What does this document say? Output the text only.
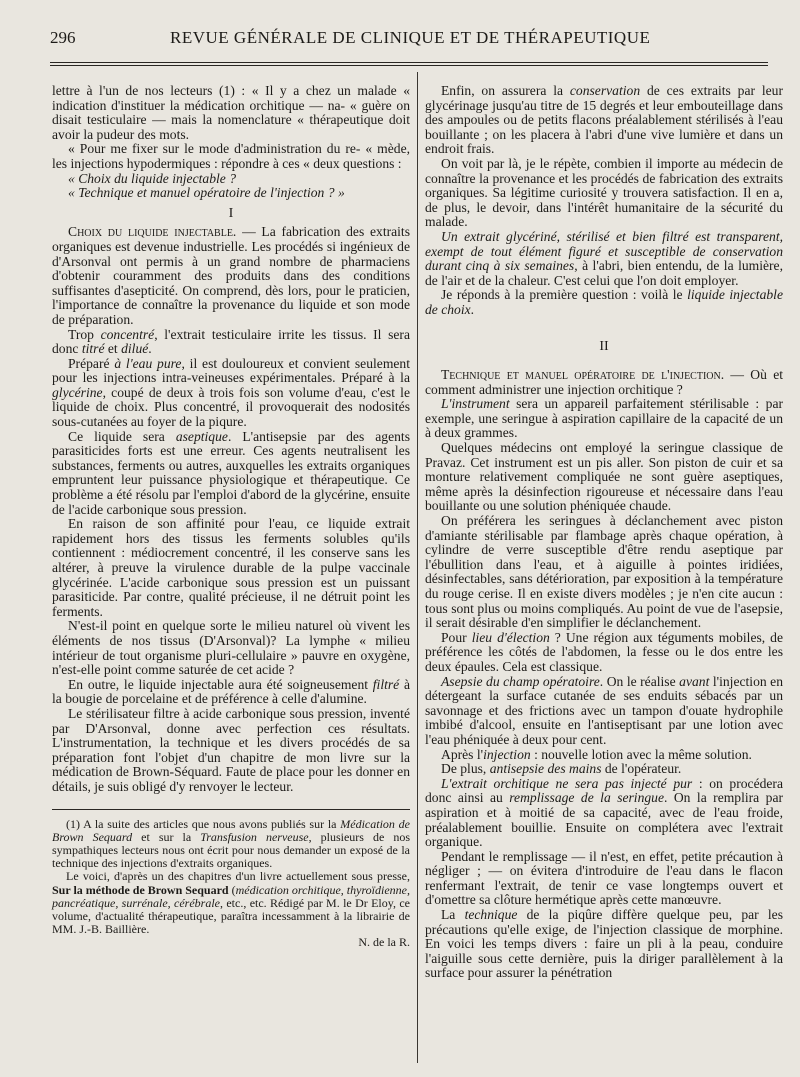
296	REVUE GÉNÉRALE DE CLINIQUE ET DE THÉRAPEUTIQUE

lettre à l'un de nos lecteurs (1) : « Il y a chez un malade « indication d'instituer la médication orchitique — na- « guère on disait testiculaire — mais la nomenclature « thérapeutique doit avoir la pudeur des mots.

« Pour me fixer sur le mode d'administration du re- « mède, les injections hypodermiques : répondre à ces « deux questions :

« Choix du liquide injectable ?

« Technique et manuel opératoire de l'injection ? »

I

Choix du liquide injectable. — La fabrication des extraits organiques est devenue industrielle. Les procédés si ingénieux de d'Arsonval ont permis à un grand nombre de pharmaciens d'obtenir couramment des produits dans des conditions suffisantes d'asepticité. On comprend, dès lors, pour le praticien, l'importance de connaître la provenance du liquide et son mode de préparation.

Trop concentré, l'extrait testiculaire irrite les tissus. Il sera donc titré et dilué.

Préparé à l'eau pure, il est douloureux et convient seulement pour les injections intra-veineuses expérimentales. Préparé à la glycérine, coupé de deux à trois fois son volume d'eau, c'est le liquide de choix. Plus concentré, il provoquerait des nodosités sous-cutanées au foyer de la piqure.

Ce liquide sera aseptique. L'antisepsie par des agents parasiticides forts est une erreur. Ces agents neutralisent les substances, ferments ou autres, auxquelles les extraits organiques empruntent leur puissance physiologique et thérapeutique. Ce problème a été résolu par l'emploi d'abord de la glycérine, ensuite de l'acide carbonique sous pression.

En raison de son affinité pour l'eau, ce liquide extrait rapidement hors des tissus les ferments solubles qu'ils contiennent : médiocrement concentré, il les conserve sans les altérer, à preuve la virulence durable de la pulpe vaccinale glycérinée. L'acide carbonique sous pression est un puissant parasiticide. Par contre, qualité précieuse, il ne détruit point les ferments.

N'est-il point en quelque sorte le milieu naturel où vivent les éléments de nos tissus (D'Arsonval)? La lymphe « milieu intérieur de tout organisme pluri-cellulaire » pauvre en oxygène, n'est-elle point comme saturée de cet acide ?

En outre, le liquide injectable aura été soigneusement filtré à la bougie de porcelaine et de préférence à celle d'alumine.

Le stérilisateur filtre à acide carbonique sous pression, inventé par D'Arsonval, donne avec perfection ces résultats. L'instrumentation, la technique et les divers procédés de sa préparation font l'objet d'un chapitre de mon livre sur la médication de Brown-Séquard. Faute de place pour les donner en détails, je suis obligé d'y renvoyer le lecteur.

(1) A la suite des articles que nous avons publiés sur la Médication de Brown Sequard et sur la Transfusion nerveuse, plusieurs de nos sympathiques lecteurs nous ont écrit pour nous demander un exposé de la technique des injections d'extraits organiques.

Le voici, d'après un des chapitres d'un livre actuellement sous presse, Sur la méthode de Brown Sequard (médication orchitique, thyroïdienne, pancréatique, surrénale, cérébrale, etc., etc. Rédigé par M. le Dr Eloy, ce volume, d'actualité thérapeutique, paraîtra incessamment à la librairie de MM. J.-B. Baillière.

N. de la R.

Enfin, on assurera la conservation de ces extraits par leur glycérinage jusqu'au titre de 15 degrés et leur embouteillage dans des ampoules ou de petits flacons préalablement stérilisés à l'eau bouillante ; on les placera à l'abri d'une vive lumière et dans un endroit frais.

On voit par là, je le répète, combien il importe au médecin de connaître la provenance et les procédés de fabrication des extraits organiques. Sa légitime curiosité y trouvera satisfaction. Il en a, de plus, le devoir, dans l'intérêt humanitaire de la sécurité du malade.

Un extrait glycériné, stérilisé et bien filtré est transparent, exempt de tout élément figuré et susceptible de conservation durant cinq à six semaines, à l'abri, bien entendu, de la lumière, de l'air et de la chaleur. C'est celui que l'on doit employer.

Je réponds à la première question : voilà le liquide injectable de choix.

II

Technique et manuel opératoire de l'injection. — Où et comment administrer une injection orchitique ?

L'instrument sera un appareil parfaitement stérilisable : par exemple, une seringue à aspiration capillaire de la capacité de un à deux grammes.

Quelques médecins ont employé la seringue classique de Pravaz. Cet instrument est un pis aller. Son piston de cuir et sa monture relativement compliquée ne sont guère aseptiques, même après la désinfection rigoureuse et nécessaire dans l'eau bouillante ou une solution phéniquée chaude.

On préférera les seringues à déclanchement avec piston d'amiante stérilisable par flambage après chaque opération, à cylindre de verre susceptible d'être rendu aseptique par l'ébullition dans l'eau, et à aiguille à pointes iridiées, désinfectables, sans détérioration, par exposition à la température du rouge cerise. Il en existe divers modèles ; je n'en cite aucun : tous sont plus ou moins compliqués. Au point de vue de l'asepsie, il serait désirable d'en simplifier le déclanchement.

Pour lieu d'élection ? Une région aux téguments mobiles, de préférence les côtés de l'abdomen, la fesse ou le dos entre les deux épaules. Cela est classique.

Asepsie du champ opératoire. On le réalise avant l'injection en détergeant la surface cutanée de ses enduits sébacés par un savonnage et des frictions avec un tampon d'ouate hydrophile imbibé d'alcool, ensuite en l'antiseptisant par une lotion avec l'eau phéniquée à deux pour cent.

Après l'injection : nouvelle lotion avec la même solution.

De plus, antisepsie des mains de l'opérateur.

L'extrait orchitique ne sera pas injecté pur : on procédera donc ainsi au remplissage de la seringue. On la remplira par aspiration et à moitié de sa capacité, avec de l'eau froide, préalablement bouillie. Ensuite on complétera avec l'extrait organique.

Pendant le remplissage — il n'est, en effet, petite précaution à négliger ; — on évitera d'introduire de l'eau dans le flacon renfermant l'extrait, de tenir ce vase longtemps ouvert et d'omettre sa clôture hermétique après cette manœuvre.

La technique de la piqûre diffère quelque peu, par les précautions qu'elle exige, de l'injection classique de morphine. En voici les temps divers : faire un pli à la peau, conduire l'aiguille sous cette dernière, puis la diriger parallèlement à la surface pour assurer la pénétration
